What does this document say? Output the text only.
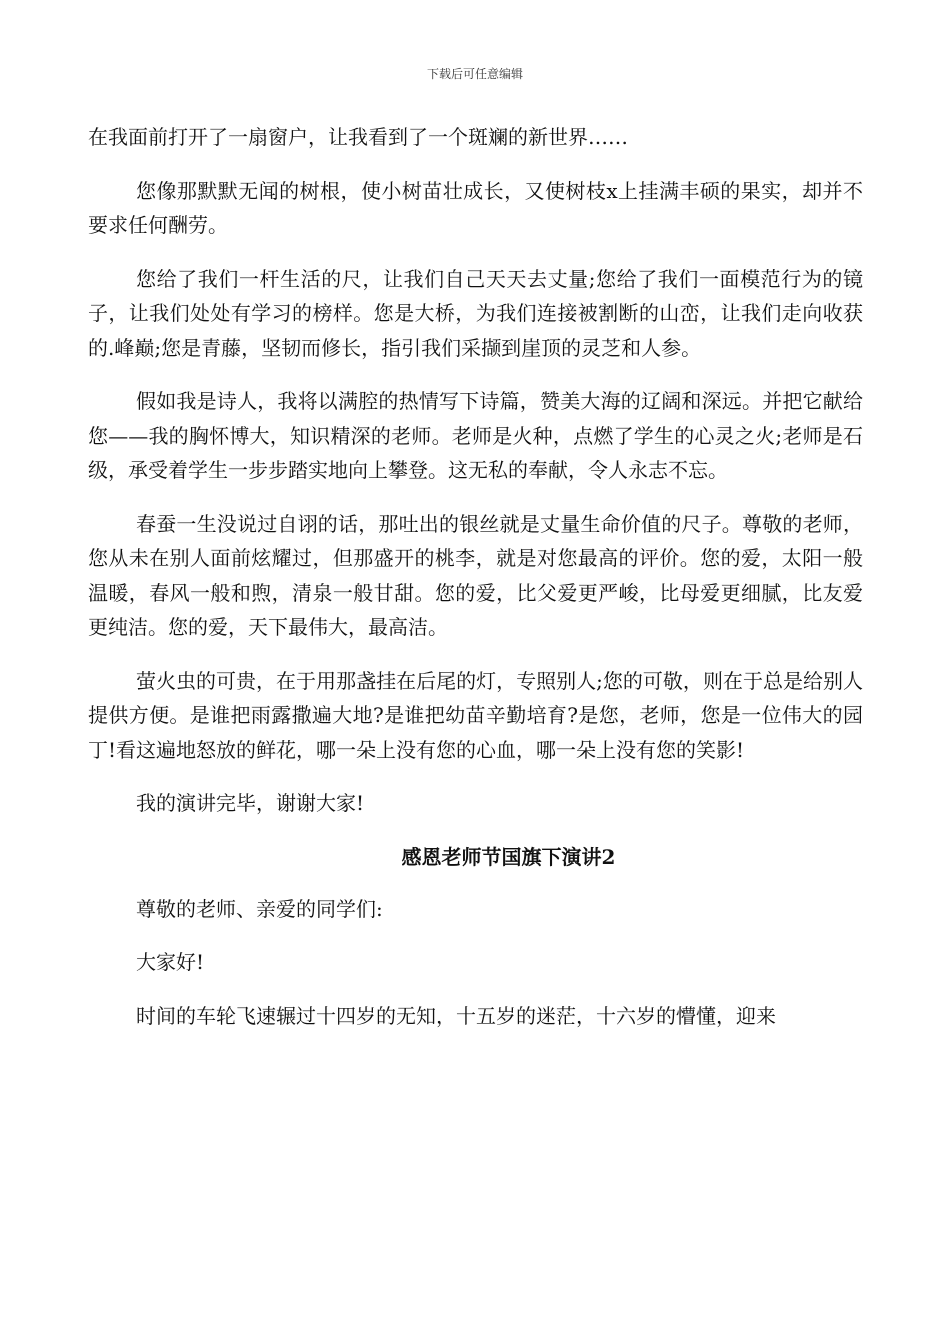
下载后可任意编辑

在我面前打开了一扇窗户，让我看到了一个斑斓的新世界……

您像那默默无闻的树根，使小树苗壮成长，又使树枝x上挂满丰硕的果实，却并不要求任何酬劳。

您给了我们一杆生活的尺，让我们自己天天去丈量;您给了我们一面模范行为的镜子，让我们处处有学习的榜样。您是大桥，为我们连接被割断的山峦，让我们走向收获的.峰巅;您是青藤，坚韧而修长，指引我们采撷到崖顶的灵芝和人参。

假如我是诗人，我将以满腔的热情写下诗篇，赞美大海的辽阔和深远。并把它献给您——我的胸怀博大，知识精深的老师。老师是火种，点燃了学生的心灵之火;老师是石级，承受着学生一步步踏实地向上攀登。这无私的奉献，令人永志不忘。

春蚕一生没说过自诩的话，那吐出的银丝就是丈量生命价值的尺子。尊敬的老师，您从未在别人面前炫耀过，但那盛开的桃李，就是对您最高的评价。您的爱，太阳一般温暖，春风一般和煦，清泉一般甘甜。您的爱，比父爱更严峻，比母爱更细腻，比友爱更纯洁。您的爱，天下最伟大，最高洁。

萤火虫的可贵，在于用那盏挂在后尾的灯，专照别人;您的可敬，则在于总是给别人提供方便。是谁把雨露撒遍大地?是谁把幼苗辛勤培育?是您，老师，您是一位伟大的园丁!看这遍地怒放的鲜花，哪一朵上没有您的心血，哪一朵上没有您的笑影!

我的演讲完毕，谢谢大家!

感恩老师节国旗下演讲2

尊敬的老师、亲爱的同学们:

大家好!

时间的车轮飞速辗过十四岁的无知，十五岁的迷茫，十六岁的懵懂，迎来
